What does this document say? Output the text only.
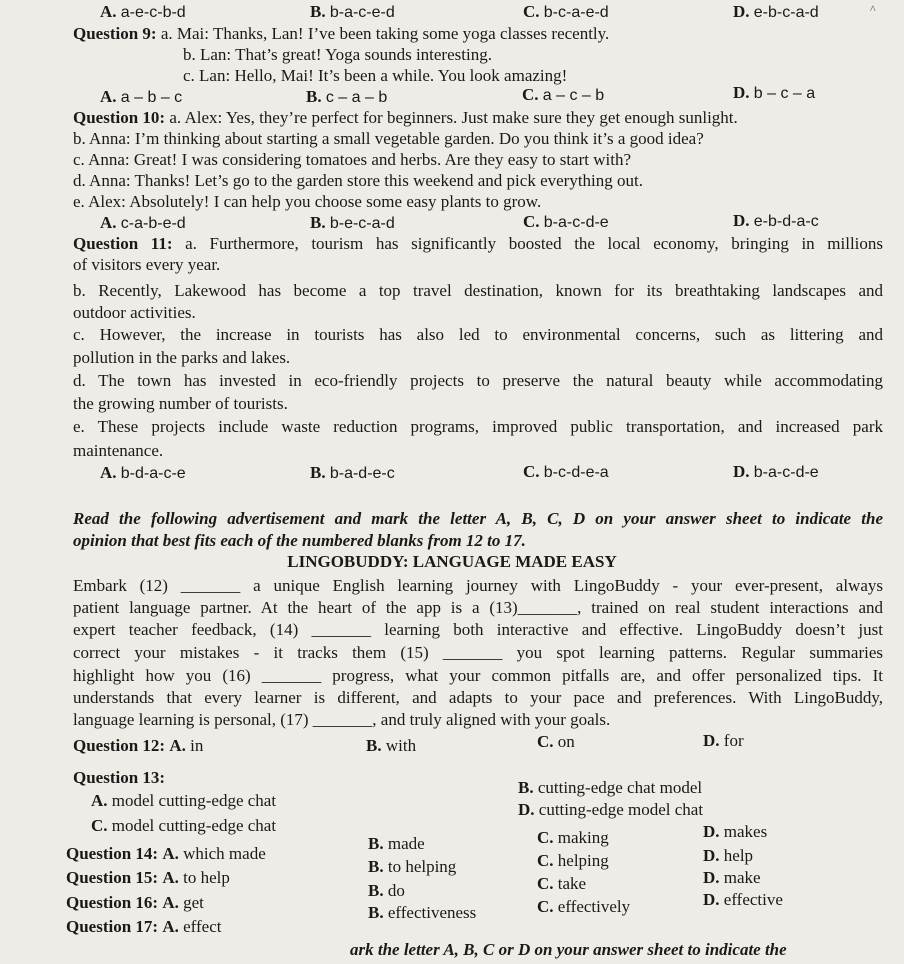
A. a-e-c-b-d	B. b-a-c-e-d	C. b-c-a-e-d	D. e-b-c-a-d	^
Question 9: a. Mai: Thanks, Lan! I’ve been taking some yoga classes recently.
b. Lan: That’s great! Yoga sounds interesting.
c. Lan: Hello, Mai! It’s been a while. You look amazing!
A. a – b – c	B. c – a – b	C. a – c – b	D. b – c – a
Question 10: a. Alex: Yes, they’re perfect for beginners. Just make sure they get enough sunlight.
b. Anna: I’m thinking about starting a small vegetable garden. Do you think it’s a good idea?
c. Anna: Great! I was considering tomatoes and herbs. Are they easy to start with?
d. Anna: Thanks! Let’s go to the garden store this weekend and pick everything out.
e. Alex: Absolutely! I can help you choose some easy plants to grow.
A. c-a-b-e-d	B. b-e-c-a-d	C. b-a-c-d-e	D. e-b-d-a-c
Question 11: a. Furthermore, tourism has significantly boosted the local economy, bringing in millions
of visitors every year.
b. Recently, Lakewood has become a top travel destination, known for its breathtaking landscapes and
outdoor activities.
c. However, the increase in tourists has also led to environmental concerns, such as littering and
pollution in the parks and lakes.
d. The town has invested in eco-friendly projects to preserve the natural beauty while accommodating
the growing number of tourists.
e. These projects include waste reduction programs, improved public transportation, and increased park
maintenance.
A. b-d-a-c-e	B. b-a-d-e-c	C. b-c-d-e-a	D. b-a-c-d-e
Read the following advertisement and mark the letter A, B, C, D on your answer sheet to indicate the
opinion that best fits each of the numbered blanks from 12 to 17.
LINGOBUDDY: LANGUAGE MADE EASY
Embark (12) _______ a unique English learning journey with LingoBuddy - your ever-present, always
patient language partner. At the heart of the app is a (13)_______, trained on real student interactions and
expert teacher feedback, (14) _______ learning both interactive and effective. LingoBuddy doesn’t just
correct your mistakes - it tracks them (15) _______ you spot learning patterns. Regular summaries
highlight how you (16) _______ progress, what your common pitfalls are, and offer personalized tips. It
understands that every learner is different, and adapts to your pace and preferences. With LingoBuddy,
language learning is personal, (17) _______, and truly aligned with your goals.
Question 12: A. in	B. with	C. on	D. for
Question 13:
A. model cutting-edge chat
B. cutting-edge chat model
C. model cutting-edge chat
D. cutting-edge model chat
Question 14: A. which made
B. made	C. making	D. makes
Question 15: A. to help
B. to helping	C. helping	D. help
Question 16: A. get
B. do	C. take	D. make
Question 17: A. effect
B. effectiveness	C. effectively	D. effective
ark the letter A, B, C or D on your answer sheet to indicate the
